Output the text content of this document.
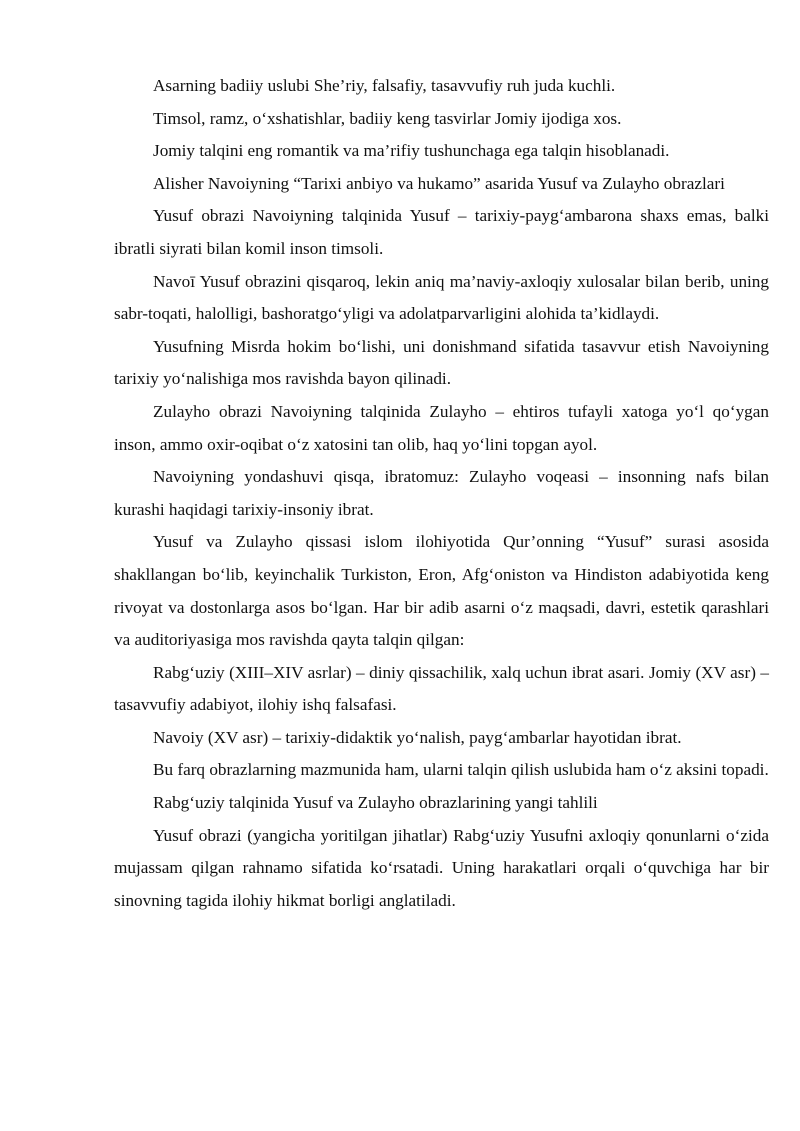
Asarning badiiy uslubi She’riy, falsafiy, tasavvufiy ruh juda kuchli.

Timsol, ramz, o‘xshatishlar, badiiy keng tasvirlar Jomiy ijodiga xos.

Jomiy talqini eng romantik va ma’rifiy tushunchaga ega talqin hisoblanadi.

Alisher Navoiyning “Tarixi anbiyo va hukamo” asarida Yusuf va Zulayho obrazlari

Yusuf obrazi Navoiyning talqinida Yusuf – tarixiy-payg‘ambarona shaxs emas, balki ibratli siyrati bilan komil inson timsoli.

Navoī Yusuf obrazini qisqaroq, lekin aniq ma’naviy-axloqiy xulosalar bilan berib, uning sabr-toqati, halolligi, bashoratgo‘yligi va adolatparvarligini alohida ta’kidlaydi.

Yusufning Misrda hokim bo‘lishi, uni donishmand sifatida tasavvur etish Navoiyning tarixiy yo‘nalishiga mos ravishda bayon qilinadi.

Zulayho obrazi Navoiyning talqinida Zulayho – ehtiros tufayli xatoga yo‘l qo‘ygan inson, ammo oxir-oqibat o‘z xatosini tan olib, haq yo‘lini topgan ayol.

Navoiyning yondashuvi qisqa, ibratomuz: Zulayho voqeasi – insonning nafs bilan kurashi haqidagi tarixiy-insoniy ibrat.

Yusuf va Zulayho qissasi islom ilohiyotida Qur’onning “Yusuf” surasi asosida shakllangan bo‘lib, keyinchalik Turkiston, Eron, Afg‘oniston va Hindiston adabiyotida keng rivoyat va dostonlarga asos bo‘lgan. Har bir adib asarni o‘z maqsadi, davri, estetik qarashlari va auditoriyasiga mos ravishda qayta talqin qilgan:

Rabg‘uziy (XIII–XIV asrlar) – diniy qissachilik, xalq uchun ibrat asari. Jomiy (XV asr) – tasavvufiy adabiyot, ilohiy ishq falsafasi.

Navoiy (XV asr) – tarixiy-didaktik yo‘nalish, payg‘ambarlar hayotidan ibrat.

Bu farq obrazlarning mazmunida ham, ularni talqin qilish uslubida ham o‘z aksini topadi.

Rabg‘uziy talqinida Yusuf va Zulayho obrazlarining yangi tahlili

Yusuf obrazi (yangicha yoritilgan jihatlar) Rabg‘uziy Yusufni axloqiy qonunlarni o‘zida mujassam qilgan rahnamo sifatida ko‘rsatadi. Uning harakatlari orqali o‘quvchiga har bir sinovning tagida ilohiy hikmat borligi anglatiladi.
